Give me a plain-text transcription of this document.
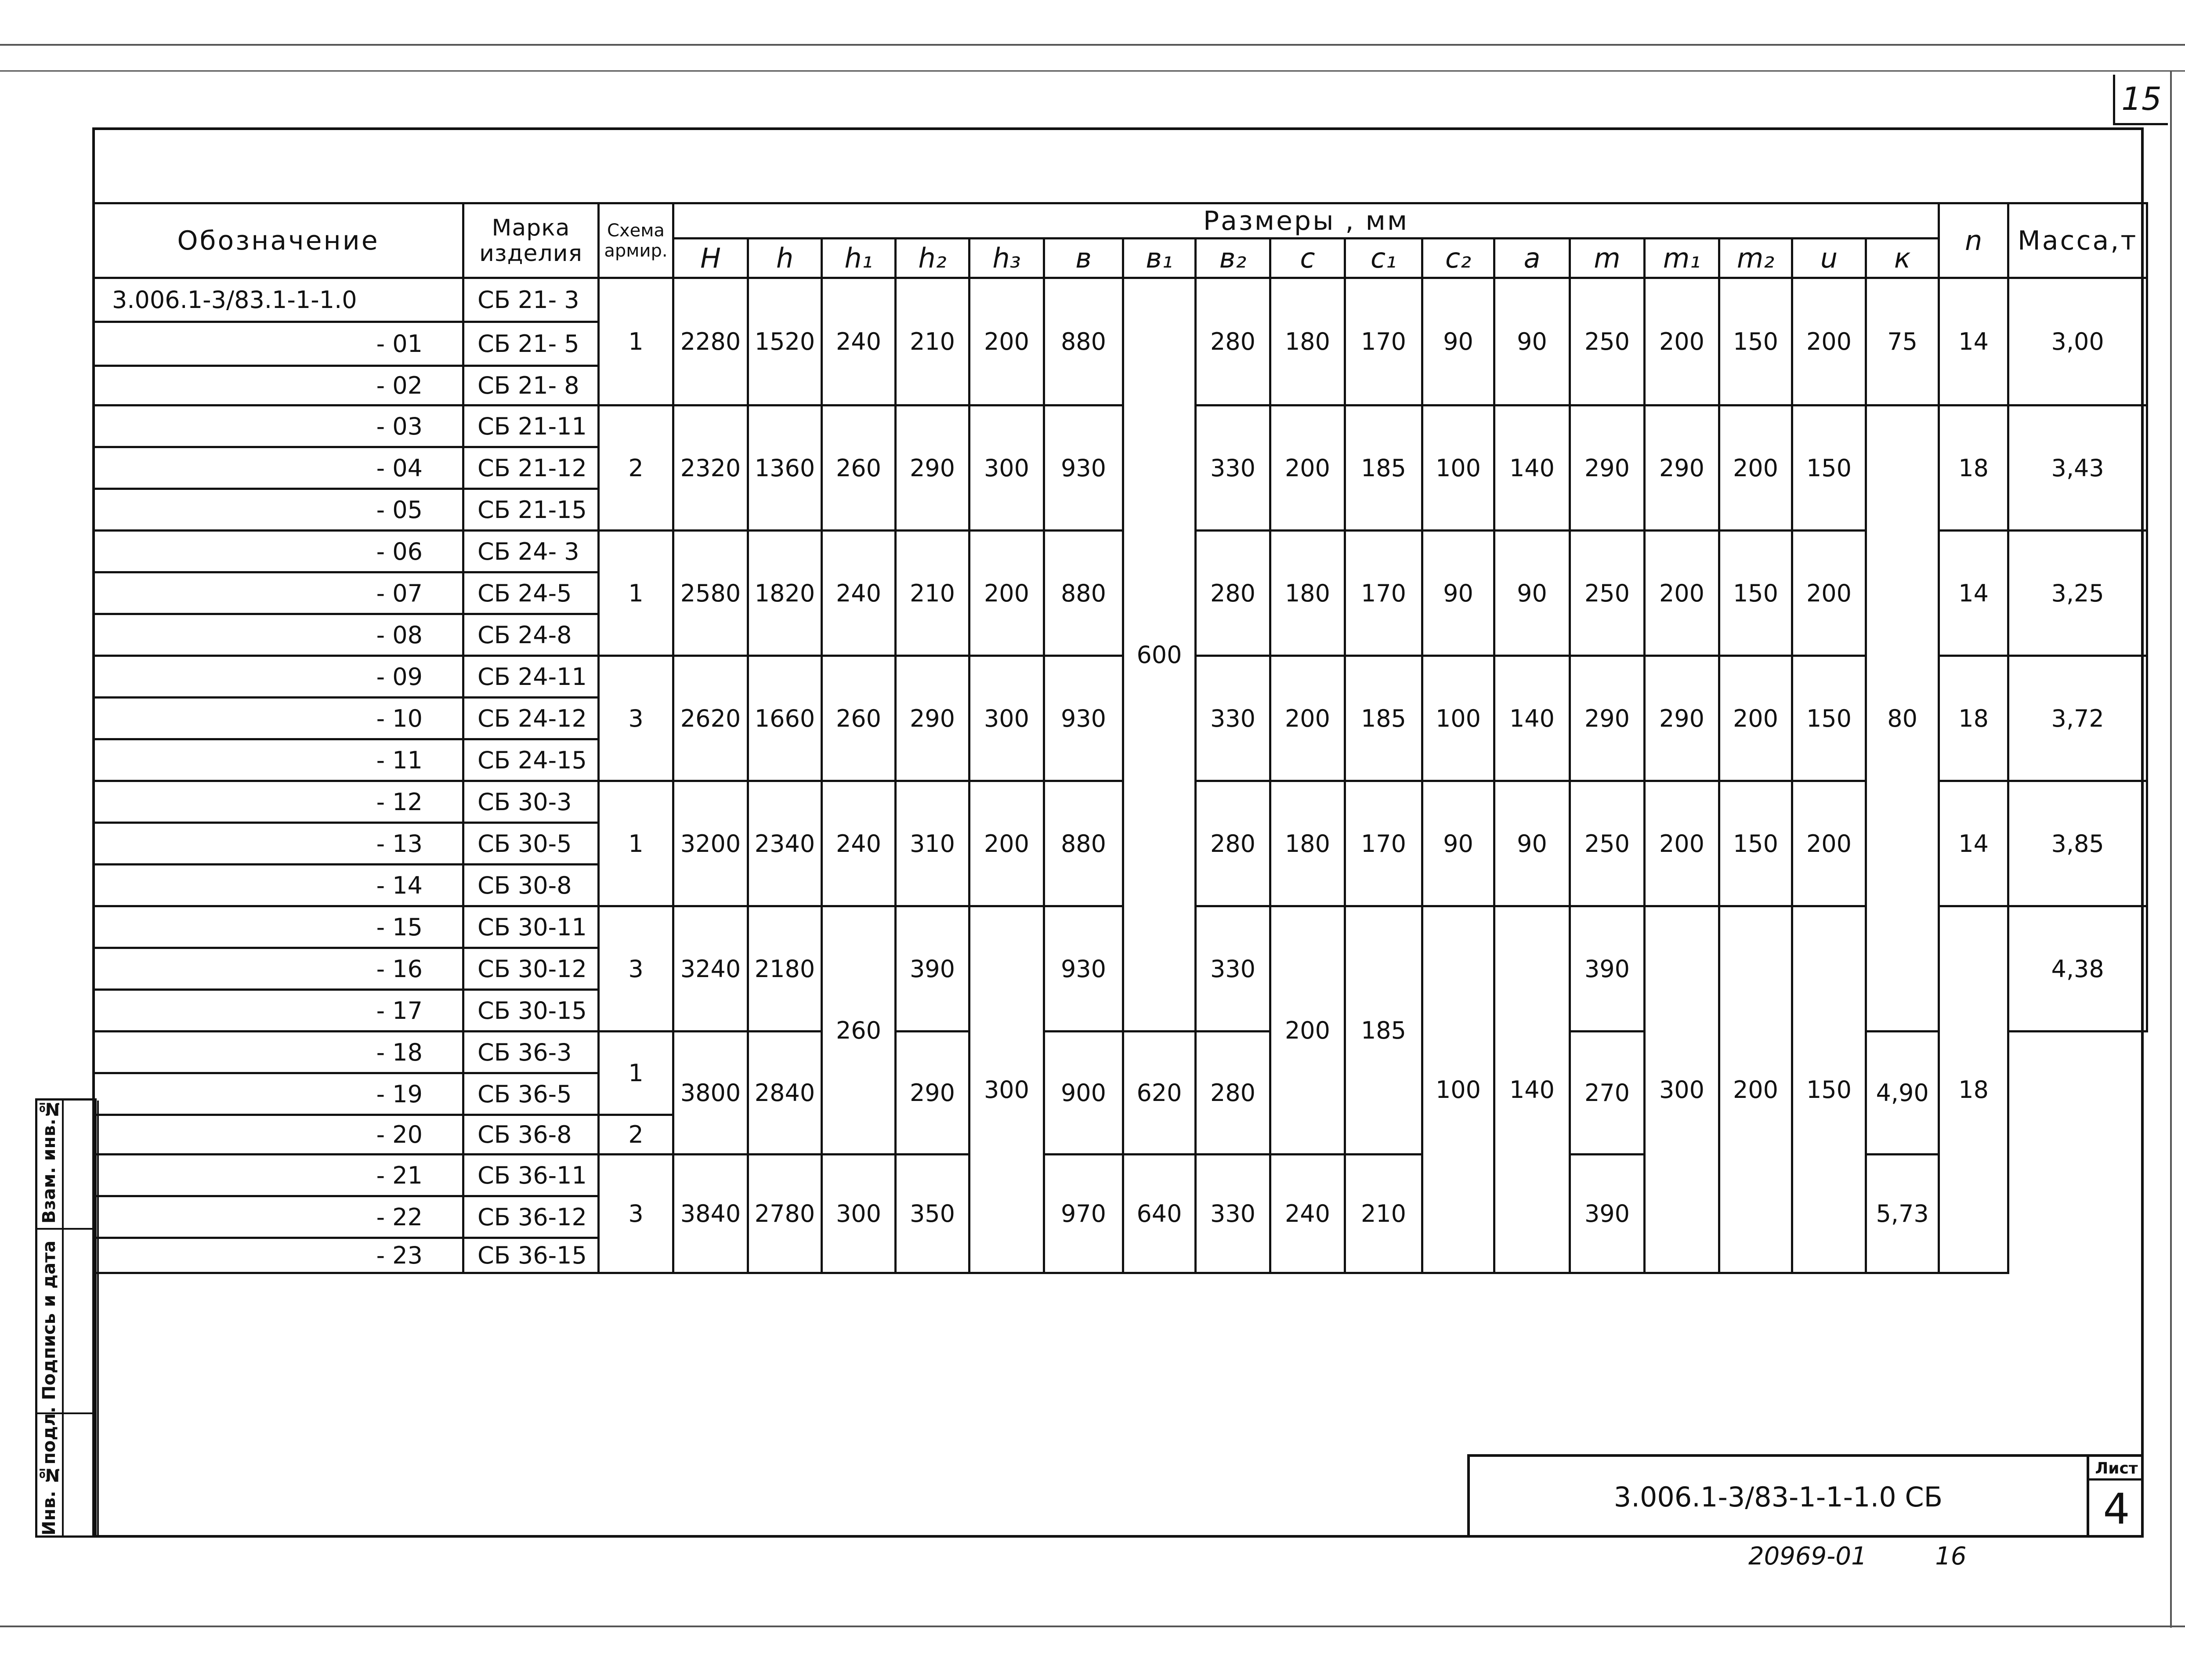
15
Инв. №подл.
Подпись и дата
Взам. инв.№
Обозначение	Марка изделия	Схема армир.	Размеры , мм																	n	Масса,т
			H	h	h₁	h₂	h₃	в	в₁	в₂	c	c₁	c₂	a	m	m₁	m₂	u	к		
3.006.1-3/83.1-1-1.0	СБ 21- 3	1	2280	1520	240	210	200	880	600	280	180	170	90	90	250	200	150	200	75	14	3,00
- 01	СБ 21- 5																				
- 02	СБ 21- 8																				
- 03	СБ 21-11	2	2320	1360	260	290	300	930		330	200	185	100	140	290	290	200	150	80	18	3,43
- 04	СБ 21-12																				
- 05	СБ 21-15																				
- 06	СБ 24- 3	1	2580	1820	240	210	200	880		280	180	170	90	90	250	200	150	200		14	3,25
- 07	СБ 24-5																				
- 08	СБ 24-8																				
- 09	СБ 24-11	3	2620	1660	260	290	300	930		330	200	185	100	140	290	290	200	150		18	3,72
- 10	СБ 24-12																				
- 11	СБ 24-15																				
- 12	СБ 30-3	1	3200	2340	240	310	200	880		280	180	170	90	90	250	200	150	200		14	3,85
- 13	СБ 30-5																				
- 14	СБ 30-8																				
- 15	СБ 30-11	3	3240	2180	260	390	300	930		330	200	185	100	140	390	300	200	150		18	4,38
- 16	СБ 30-12																				
- 17	СБ 30-15																				
- 18	СБ 36-3	1	3800	2840		290		900	620	280					270				4,90		
- 19	СБ 36-5																				
- 20	СБ 36-8	2																			
- 21	СБ 36-11	3	3840	2780	300	350		970	640	330	240	210			390				5,73		
- 22	СБ 36-12																				
- 23	СБ 36-15																				
3.006.1-3/83-1-1-1.0 СБ
Лист
4
20969-01	16
